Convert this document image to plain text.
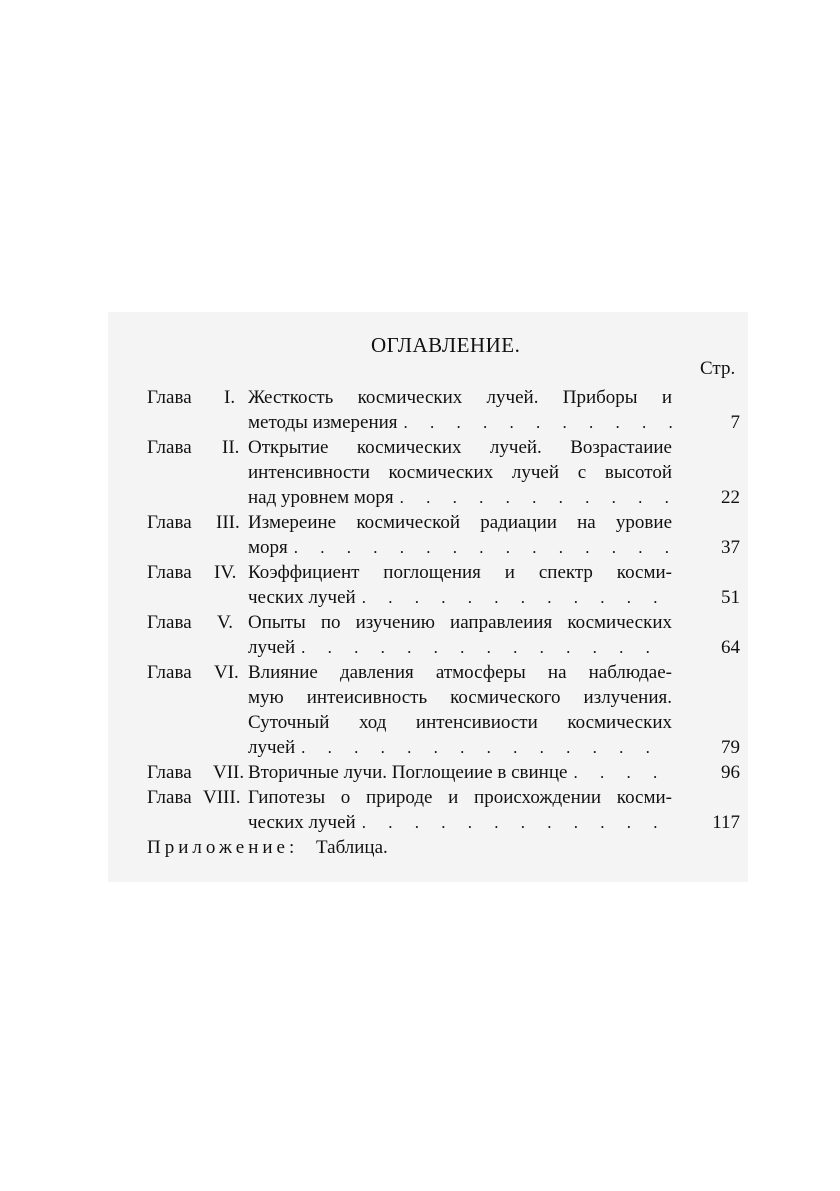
ОГЛАВЛЕНИЕ.
Стр.
Глава I. Жесткость космических лучей. Приборы и
методы измерения . . .	7
Глава II. Открытие космических лучей. Возрастаиие
интенсивности космических лучей с высотой
над уровнем моря . . .	22
Глава III. Измереине космической радиации на уровие
моря . . .	37
Глава IV. Коэффициент поглощения и спектр косми-
ческих лучей . . .	51
Глава V. Опыты по изучению иаправлеиия космических
лучей . . .	64
Глава VI. Влияние давления атмосферы на наблюдае-
мую интеисивность космического излучения.
Суточный ход интенсивиости космических
лучей . . .	79
Глава VII. Вторичные лучи. Поглощеиие в свинце . . .	96
Глава VIII. Гипотезы о природе и происхождении косми-
ческих лучей . . .	117
Приложение: Таблица.
